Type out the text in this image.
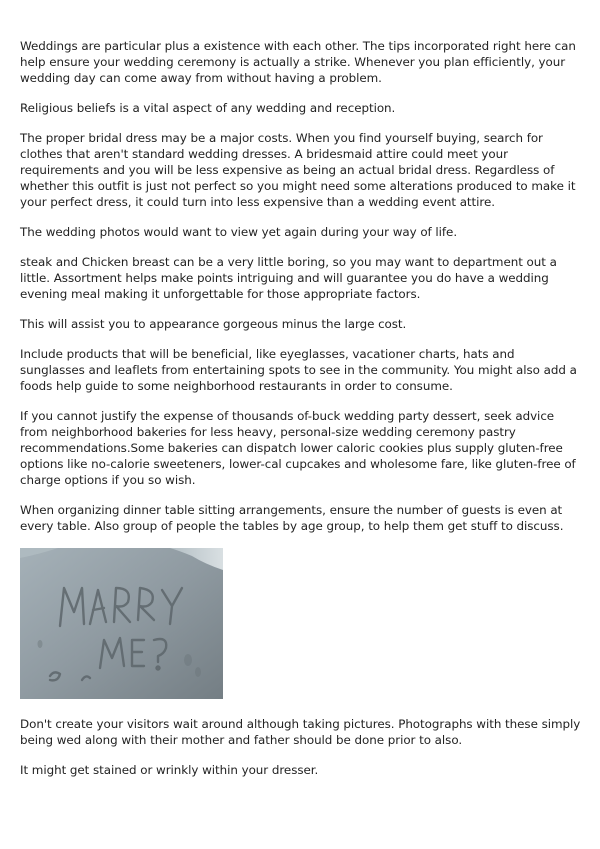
Weddings are particular plus a existence with each other. The tips incorporated right here can help ensure your wedding ceremony is actually a strike. Whenever you plan efficiently, your wedding day can come away from without having a problem.

Religious beliefs is a vital aspect of any wedding and reception.

The proper bridal dress may be a major costs. When you find yourself buying, search for clothes that aren't standard wedding dresses. A bridesmaid attire could meet your requirements and you will be less expensive as being an actual bridal dress. Regardless of whether this outfit is just not perfect so you might need some alterations produced to make it your perfect dress, it could turn into less expensive than a wedding event attire.

The wedding photos would want to view yet again during your way of life.

steak and Chicken breast can be a very little boring, so you may want to department out a little. Assortment helps make points intriguing and will guarantee you do have a wedding evening meal making it unforgettable for those appropriate factors.

This will assist you to appearance gorgeous minus the large cost.

Include products that will be beneficial, like eyeglasses, vacationer charts, hats and sunglasses and leaflets from entertaining spots to see in the community. You might also add a foods help guide to some neighborhood restaurants in order to consume.

If you cannot justify the expense of thousands of-buck wedding party dessert, seek advice from neighborhood bakeries for less heavy, personal-size wedding ceremony pastry recommendations.Some bakeries can dispatch lower caloric cookies plus supply gluten-free options like no-calorie sweeteners, lower-cal cupcakes and wholesome fare, like gluten-free of charge options if you so wish.

When organizing dinner table sitting arrangements, ensure the number of guests is even at every table. Also group of people the tables by age group, to help them get stuff to discuss.

Don't create your visitors wait around although taking pictures. Photographs with these simply being wed along with their mother and father should be done prior to also.

It might get stained or wrinkly within your dresser.
